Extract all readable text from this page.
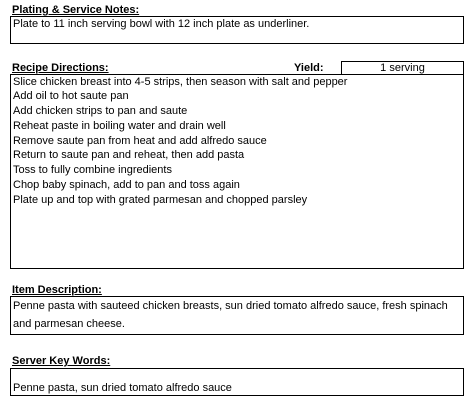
Plating & Service Notes:
Plate to 11 inch serving bowl with 12 inch plate as underliner.
Recipe Directions:	Yield:	1 serving
Slice chicken breast into 4-5 strips, then season with salt and pepper
Add oil to hot saute pan
Add chicken strips to pan and saute
Reheat paste in boiling water and drain well
Remove saute pan from heat and add alfredo sauce
Return to saute pan and reheat, then add pasta
Toss to fully combine ingredients
Chop baby spinach, add to pan and toss again
Plate up and top with grated parmesan and chopped parsley
Item Description:
Penne pasta with sauteed chicken breasts, sun dried tomato alfredo sauce, fresh spinach and parmesan cheese.
Server Key Words:
Penne pasta, sun dried tomato alfredo sauce
